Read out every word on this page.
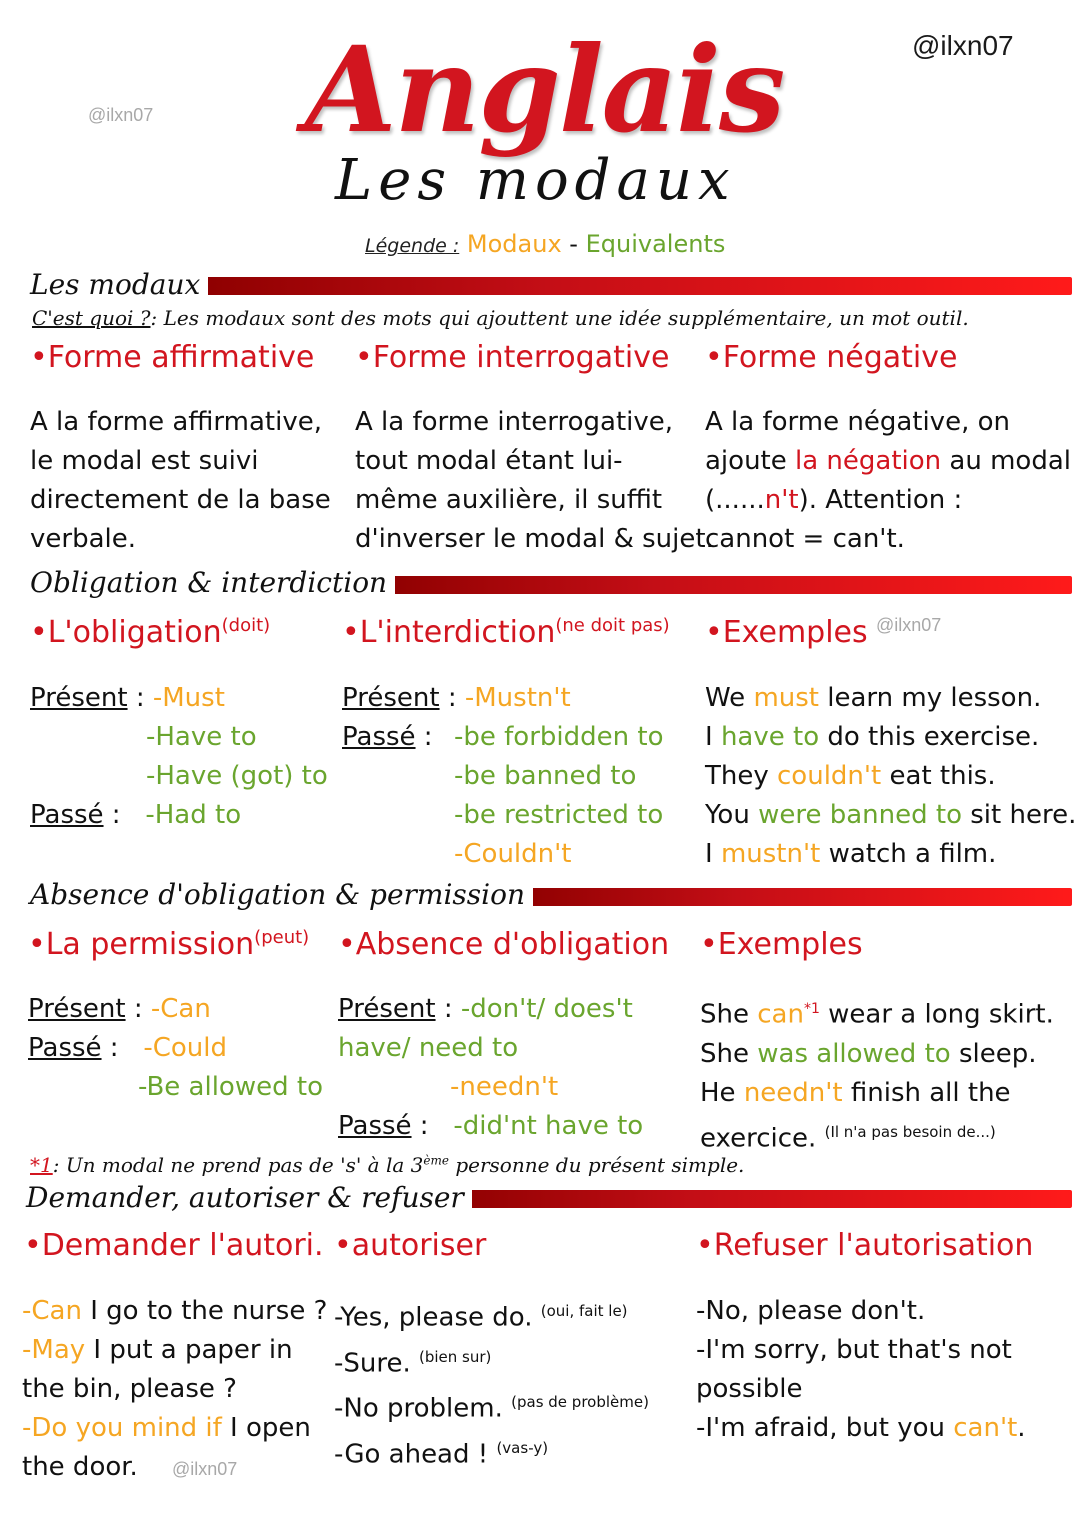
@ilxn07
@ilxn07 Anglais
Les modaux
Légende : Modaux - Equivalents
Les modaux
C'est quoi ?: Les modaux sont des mots qui ajouttent une idée supplémentaire, un mot outil.
•Forme affirmative •Forme interrogative •Forme négative
A la forme affirmative,
le modal est suivi
directement de la base
verbale.
A la forme interrogative,
tout modal étant lui-
même auxilière, il suffit
d'inverser le modal & sujet.
A la forme négative, on
ajoute la négation au modal
(......n't). Attention :
cannot = can't.
Obligation & interdiction
•L'obligation$^{(doit)}$ •L'interdiction$^{(ne doit pas)}$ •Exemples @ilxn07
Présent : -Must
-Have to
-Have (got) to
Passé :   -Had to
Présent : -Mustn't
Passé : -be forbidden to
-be banned to
-be restricted to
-Couldn't
We must learn my lesson.
I have to do this exercise.
They couldn't eat this.
You were banned to sit here.
I mustn't watch a film.
Absence d'obligation & permission
•La permission$^{(peut)}$ •Absence d'obligation •Exemples
Présent : -Can
Passé :   -Could
-Be allowed to
Présent : -don't/ does't
have/ need to
-needn't
Passé :   -did'nt have to
She can$^{*1}$ wear a long skirt.
She was allowed to sleep.
He needn't finish all the
exercice. $^{(Il n'a pas besoin de...)}$
*1: Un modal ne prend pas de 's' à la 3ème personne du présent simple.
Demander, autoriser & refuser
•Demander l'autori. •autoriser	•Refuser l'autorisation
-Can I go to the nurse ?
-May I put a paper in
the bin, please ?
-Do you mind if I open
the door.	@ilxn07
-Yes, please do. $^{(oui, fait le)}$
-Sure. $^{(bien sur)}$
-No problem. $^{(pas de problème)}$
-Go ahead ! $^{(vas-y)}$
-No, please don't.
-I'm sorry, but that's not
possible
-I'm afraid, but you can't.
